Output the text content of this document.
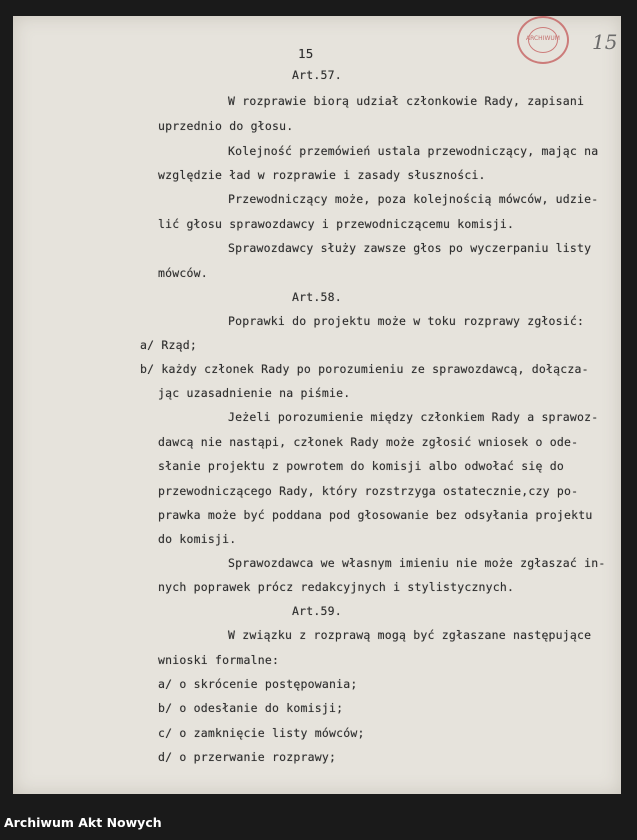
ARCHIWUM	15
15
Art.57.
W rozprawie biorą udział członkowie Rady, zapisani
uprzednio do głosu.
Kolejność przemówień ustala przewodniczący, mając na
względzie ład w rozprawie i zasady słuszności.
Przewodniczący może, poza kolejnością mówców, udzie-
lić głosu sprawozdawcy i przewodniczącemu komisji.
Sprawozdawcy służy zawsze głos po wyczerpaniu listy
mówców.
Art.58.
Poprawki do projektu może w toku rozprawy zgłosić:
a/ Rząd;
b/ każdy członek Rady po porozumieniu ze sprawozdawcą, dołącza-
jąc uzasadnienie na piśmie.
Jeżeli porozumienie między członkiem Rady a sprawoz-
dawcą nie nastąpi, członek Rady może zgłosić wniosek o ode-
słanie projektu z powrotem do komisji albo odwołać się do
przewodniczącego Rady, który rozstrzyga ostatecznie,czy po-
prawka może być poddana pod głosowanie bez odsyłania projektu
do komisji.
Sprawozdawca we własnym imieniu nie może zgłaszać in-
nych poprawek prócz redakcyjnych i stylistycznych.
Art.59.
W związku z rozprawą mogą być zgłaszane następujące
wnioski formalne:
a/ o skrócenie postępowania;
b/ o odesłanie do komisji;
c/ o zamknięcie listy mówców;
d/ o przerwanie rozprawy;
Archiwum Akt Nowych
